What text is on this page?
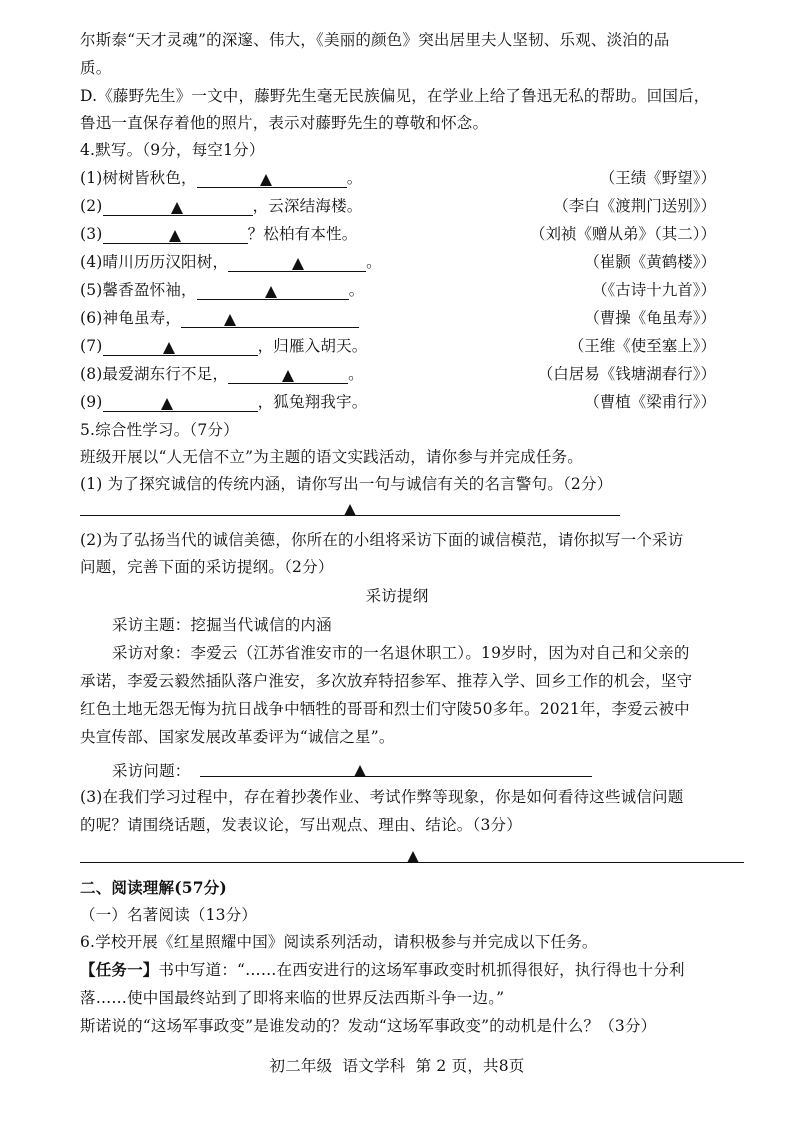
尔斯泰“天才灵魂”的深邃、伟大，《美丽的颜色》突出居里夫人坚韧、乐观、淡泊的品
质。
D.《藤野先生》一文中，藤野先生毫无民族偏见，在学业上给了鲁迅无私的帮助。回国后，
鲁迅一直保存着他的照片，表示对藤野先生的尊敬和怀念。
4.默写。（9分，每空1分）
(1)树树皆秋色，	。	（王绩《野望》）
(2)	，云深结海楼。	（李白《渡荆门送别》）
(3)	？松柏有本性。	（刘祯《赠从弟》（其二））
(4)晴川历历汉阳树，	。	（崔颢《黄鹤楼》）
(5)馨香盈怀袖，	。	（《古诗十九首》）
(6)神龟虽寿，	（曹操《龟虽寿》）
(7)	，归雁入胡天。	（王维《使至塞上》）
(8)最爱湖东行不足，	。	（白居易《钱塘湖春行》）
(9)	，狐兔翔我宇。	（曹植《梁甫行》）
5.综合性学习。（7分）
班级开展以“人无信不立”为主题的语文实践活动，请你参与并完成任务。
(1) 为了探究诚信的传统内涵，请你写出一句与诚信有关的名言警句。（2分）
(2)为了弘扬当代的诚信美德，你所在的小组将采访下面的诚信模范，请你拟写一个采访
问题，完善下面的采访提纲。（2分）
采访提纲
采访主题：挖掘当代诚信的内涵
采访对象：李爱云（江苏省淮安市的一名退休职工）。19岁时，因为对自己和父亲的
承诺，李爱云毅然插队落户淮安，多次放弃特招参军、推荐入学、回乡工作的机会，坚守
红色土地无怨无悔为抗日战争中牺牲的哥哥和烈士们守陵50多年。2021年，李爱云被中
央宣传部、国家发展改革委评为“诚信之星”。
采访问题：
(3)在我们学习过程中，存在着抄袭作业、考试作弊等现象，你是如何看待这些诚信问题
的呢？请围绕话题，发表议论，写出观点、理由、结论。（3分）
二、阅读理解(57分)
（一）名著阅读（13分）
6.学校开展《红星照耀中国》阅读系列活动，请积极参与并完成以下任务。
【任务一】书中写道：“……在西安进行的这场军事政变时机抓得很好，执行得也十分利
落……使中国最终站到了即将来临的世界反法西斯斗争一边。”
斯诺说的“这场军事政变”是谁发动的？发动“这场军事政变”的动机是什么？（3分）
初二年级  语文学科  第 2 页，共8页
